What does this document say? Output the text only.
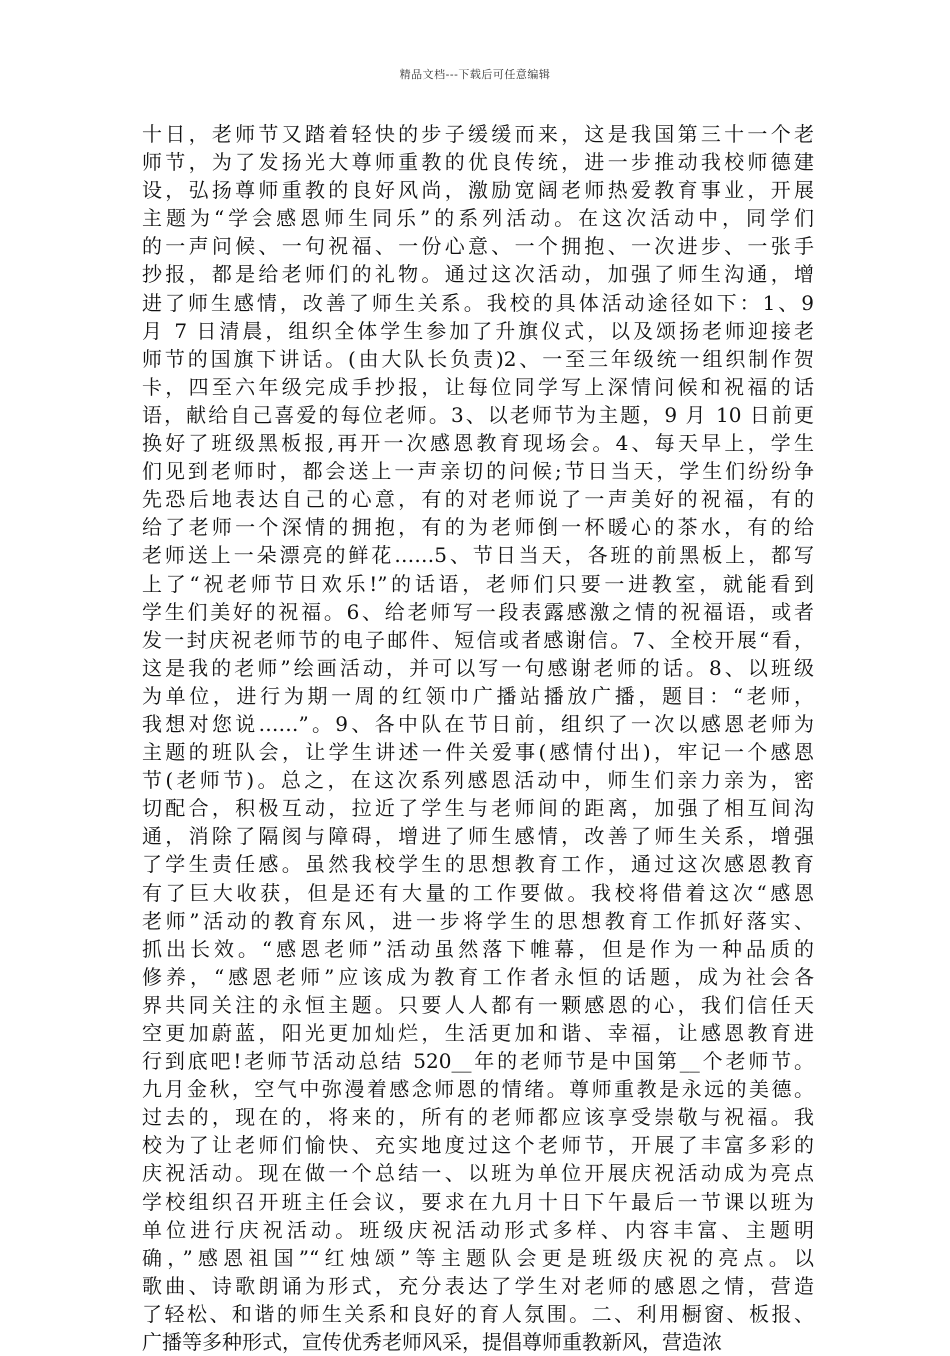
精品文档---下载后可任意编辑
十日，老师节又踏着轻快的步子缓缓而来，这是我国第三十一个老
师节，为了发扬光大尊师重教的优良传统，进一步推动我校师德建
设，弘扬尊师重教的良好风尚，激励宽阔老师热爱教育事业，开展
主题为“学会感恩师生同乐”的系列活动。在这次活动中，同学们
的一声问候、一句祝福、一份心意、一个拥抱、一次进步、一张手
抄报，都是给老师们的礼物。通过这次活动，加强了师生沟通，增
进了师生感情，改善了师生关系。我校的具体活动途径如下：1、9
月 7 日清晨，组织全体学生参加了升旗仪式，以及颂扬老师迎接老
师节的国旗下讲话。(由大队长负责)2、一至三年级统一组织制作贺
卡，四至六年级完成手抄报，让每位同学写上深情问候和祝福的话
语，献给自己喜爱的每位老师。3、以老师节为主题，9 月 10 日前更
换好了班级黑板报,再开一次感恩教育现场会。4、每天早上，学生
们见到老师时，都会送上一声亲切的问候;节日当天，学生们纷纷争
先恐后地表达自己的心意，有的对老师说了一声美好的祝福，有的
给了老师一个深情的拥抱，有的为老师倒一杯暖心的茶水，有的给
老师送上一朵漂亮的鲜花……5、节日当天，各班的前黑板上，都写
上了“祝老师节日欢乐!”的话语，老师们只要一进教室，就能看到
学生们美好的祝福。6、给老师写一段表露感激之情的祝福语，或者
发一封庆祝老师节的电子邮件、短信或者感谢信。7、全校开展“看，
这是我的老师”绘画活动，并可以写一句感谢老师的话。8、以班级
为单位，进行为期一周的红领巾广播站播放广播，题目：“老师，
我想对您说……”。9、各中队在节日前，组织了一次以感恩老师为
主题的班队会，让学生讲述一件关爱事(感情付出)，牢记一个感恩
节(老师节)。总之，在这次系列感恩活动中，师生们亲力亲为，密
切配合，积极互动，拉近了学生与老师间的距离，加强了相互间沟
通，消除了隔阂与障碍，增进了师生感情，改善了师生关系，增强
了学生责任感。虽然我校学生的思想教育工作，通过这次感恩教育
有了巨大收获，但是还有大量的工作要做。我校将借着这次“感恩
老师”活动的教育东风，进一步将学生的思想教育工作抓好落实、
抓出长效。“感恩老师”活动虽然落下帷幕，但是作为一种品质的
修养，“感恩老师”应该成为教育工作者永恒的话题，成为社会各
界共同关注的永恒主题。只要人人都有一颗感恩的心，我们信任天
空更加蔚蓝，阳光更加灿烂，生活更加和谐、幸福，让感恩教育进
行到底吧!老师节活动总结 520__年的老师节是中国第__个老师节。
九月金秋，空气中弥漫着感念师恩的情绪。尊师重教是永远的美德。
过去的，现在的，将来的，所有的老师都应该享受崇敬与祝福。我
校为了让老师们愉快、充实地度过这个老师节，开展了丰富多彩的
庆祝活动。现在做一个总结一、以班为单位开展庆祝活动成为亮点
学校组织召开班主任会议，要求在九月十日下午最后一节课以班为
单位进行庆祝活动。班级庆祝活动形式多样、内容丰富、主题明
确，”感恩祖国”“红烛颂”等主题队会更是班级庆祝的亮点。以
歌曲、诗歌朗诵为形式，充分表达了学生对老师的感恩之情，营造
了轻松、和谐的师生关系和良好的育人氛围。二、利用橱窗、板报、
广播等多种形式，宣传优秀老师风采，提倡尊师重教新风，营造浓
